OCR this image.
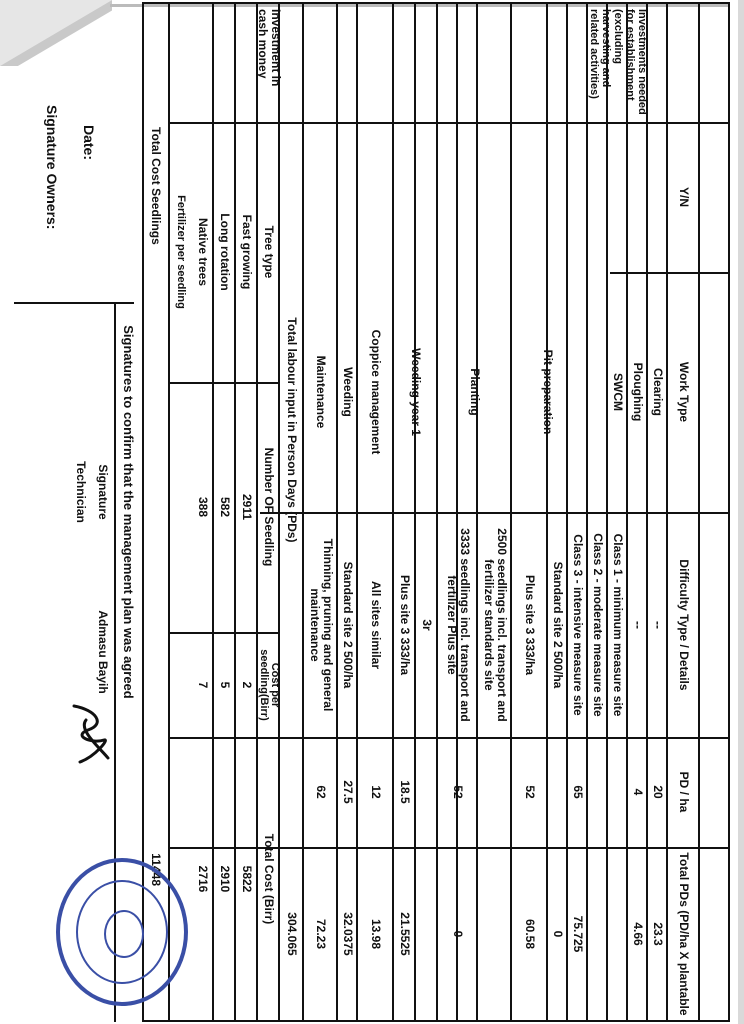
Investments needed for establishment (excluding harvesting and related activities)
Y/N
Work Type
Difficulty Type / Details
PD / ha
Total PDs (PD/ha X plantable
Clearing
--
20
23.3
Ploughing
--
4
4.66
SWCM
Class 1 - minimum measure site
Class 2 - moderate measure site
Class 3 - intensive measure site
65
75.725
Pit preparation
Standard site 2 500/ha
0
Plus site 3 333/ha
52
60.58
Planting
2500 seedlings incl. transport and fertilizer standards site
3333 seedlings incl. transport and fertilizer Plus site
52
0
Weeding year 1
3r
Plus site 3 333/ha
18.5
21.5525
Coppice management
All sites similar
12
13.98
Weeding
Standard site 2 500/ha
27.5
32.0375
Maintenance
Thinning, pruning and general maintenance
62
72.23
Total labour input in Person Days (PDs)
304.065
Investment in cash money
Tree type
Number OF Seedling
Cost per seedling(Birr)
Total Cost (Birr)
Fast growing
2911
2
5822
Long rotation
582
5
2910
Native trees
388
7
2716
Fertilizer per seedling
Total Cost Seedlings
11448
Signatures to confirm that the management plan was agreed
Date:
Signature
Technician
Admasu Bayih
Signature Owners:
